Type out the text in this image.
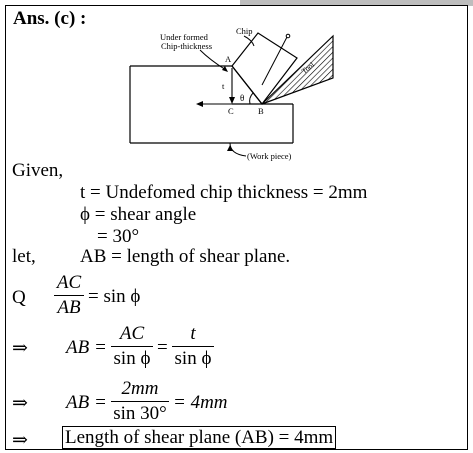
Ans. (c) :
Under formed
Chip-thickness
Chip
Tool
(Work piece)
A
B
C
t
θ
Given,
t = Undefomed chip thickness = 2mm
ϕ = shear angle
= 30°
let, AB = length of shear plane.
Q
AC
AB
= sin ϕ
⇒ AB =
AC
sin ϕ
=
t
sin ϕ
⇒ AB =
2mm
sin 30°
= 4mm
⇒ Length of shear plane (AB) = 4mm
